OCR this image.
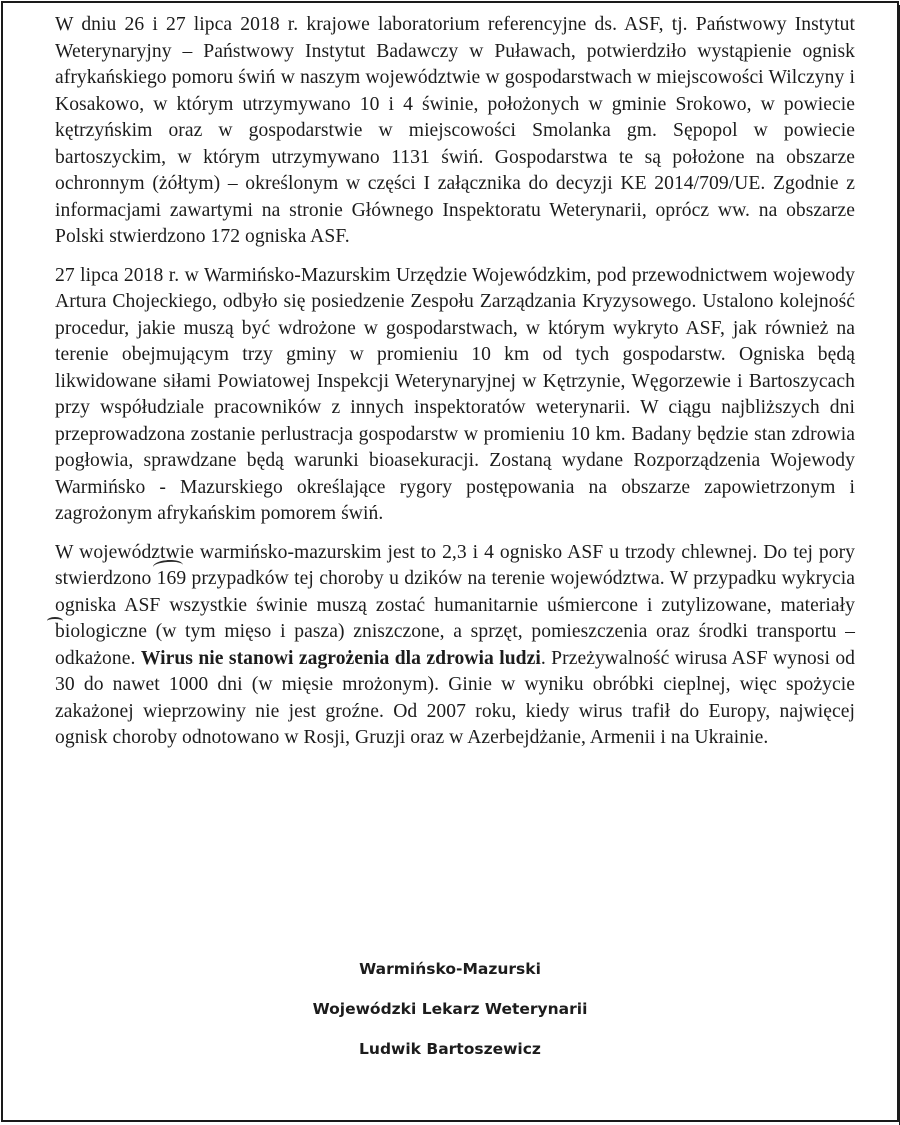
W dniu 26 i 27 lipca 2018 r. krajowe laboratorium referencyjne ds. ASF, tj. Państwowy Instytut Weterynaryjny – Państwowy Instytut Badawczy w Puławach, potwierdziło wystąpienie ognisk afrykańskiego pomoru świń w naszym województwie w gospodarstwach w miejscowości Wilczyny i Kosakowo, w którym utrzymywano 10 i 4 świnie, położonych w gminie Srokowo, w powiecie kętrzyńskim oraz w gospodarstwie w miejscowości Smolanka gm. Sępopol w powiecie bartoszyckim, w którym utrzymywano 1131 świń. Gospodarstwa te są położone na obszarze ochronnym (żółtym) – określonym w części I załącznika do decyzji KE 2014/709/UE. Zgodnie z informacjami zawartymi na stronie Głównego Inspektoratu Weterynarii, oprócz ww. na obszarze Polski stwierdzono 172 ogniska ASF.

27 lipca 2018 r. w Warmińsko-Mazurskim Urzędzie Wojewódzkim, pod przewodnictwem wojewody Artura Chojeckiego, odbyło się posiedzenie Zespołu Zarządzania Kryzysowego. Ustalono kolejność procedur, jakie muszą być wdrożone w gospodarstwach, w którym wykryto ASF, jak również na terenie obejmującym trzy gminy w promieniu 10 km od tych gospodarstw. Ogniska będą likwidowane siłami Powiatowej Inspekcji Weterynaryjnej w Kętrzynie, Węgorzewie i Bartoszycach przy współudziale pracowników z innych inspektoratów weterynarii. W ciągu najbliższych dni przeprowadzona zostanie perlustracja gospodarstw w promieniu 10 km. Badany będzie stan zdrowia pogłowia, sprawdzane będą warunki bioasekuracji. Zostaną wydane Rozporządzenia Wojewody Warmińsko - Mazurskiego określające rygory postępowania na obszarze zapowietrzonym i zagrożonym afrykańskim pomorem świń.

W województwie warmińsko-mazurskim jest to 2,3 i 4 ognisko ASF u trzody chlewnej. Do tej pory stwierdzono 169 przypadków tej choroby u dzików na terenie województwa. W przypadku wykrycia ogniska ASF wszystkie świnie muszą zostać humanitarnie uśmiercone i zutylizowane, materiały biologiczne (w tym mięso i pasza) zniszczone, a sprzęt, pomieszczenia oraz środki transportu – odkażone. Wirus nie stanowi zagrożenia dla zdrowia ludzi. Przeżywalność wirusa ASF wynosi od 30 do nawet 1000 dni (w mięsie mrożonym). Ginie w wyniku obróbki cieplnej, więc spożycie zakażonej wieprzowiny nie jest groźne. Od 2007 roku, kiedy wirus trafił do Europy, najwięcej ognisk choroby odnotowano w Rosji, Gruzji oraz w Azerbejdżanie, Armenii i na Ukrainie.

Warmińsko-Mazurski

Wojewódzki Lekarz Weterynarii

Ludwik Bartoszewicz
